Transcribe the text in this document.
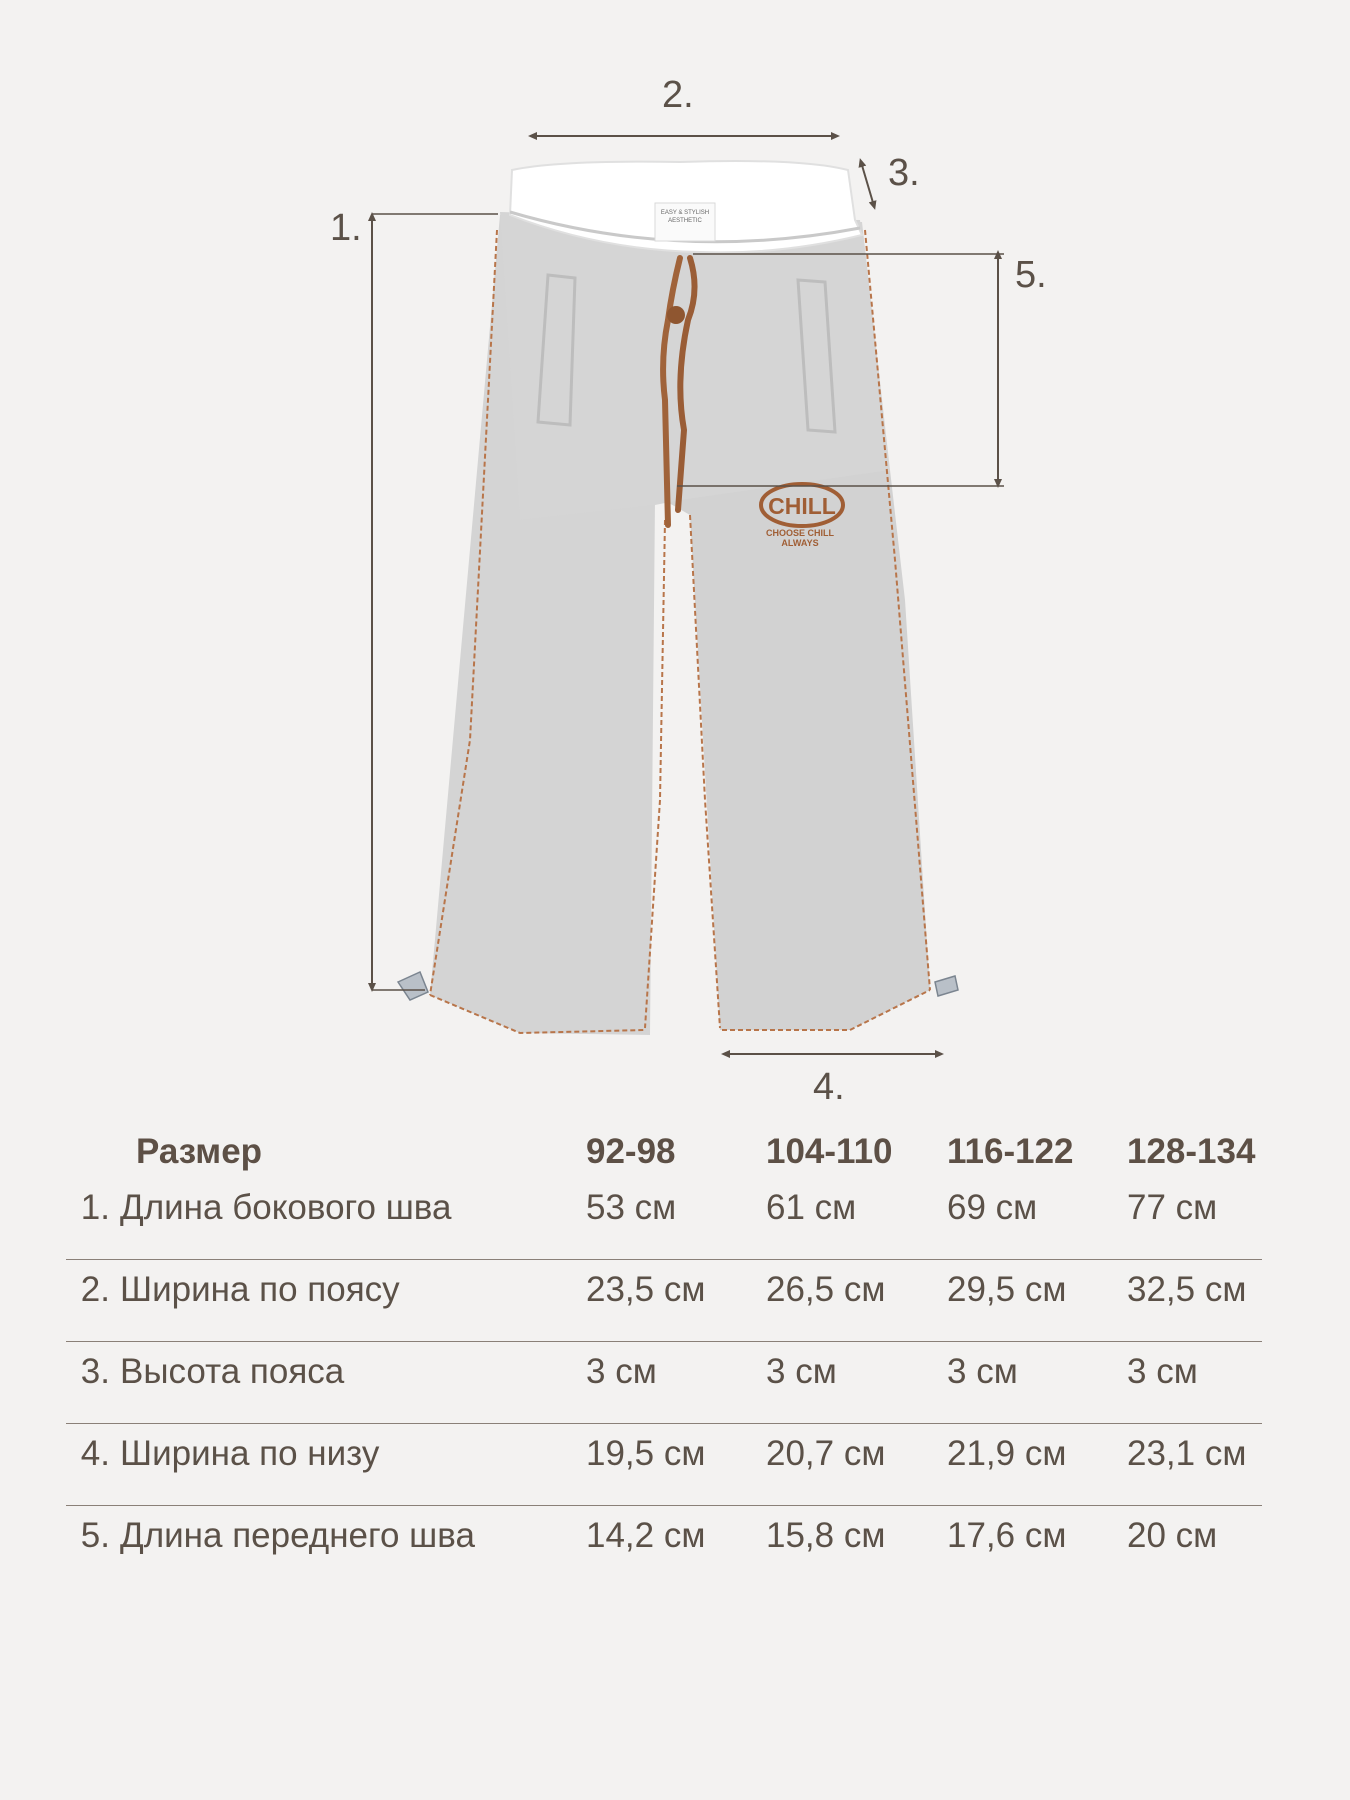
EASY & STYLISH
AESTHETIC
CHILL
CHOOSE CHILL
ALWAYS
1.
2.
3.
4.
5.
Размер	92-98	104-110 116-122 128-134
1. Длина бокового шва	53 см	61 см	69 см	77 см
2. Ширина по поясу	23,5 см 26,5 см 29,5 см 32,5 см
3. Высота пояса	3 см	3 см	3 см	3 см
4. Ширина по низу	19,5 см 20,7 см 21,9 см 23,1 см
5. Длина переднего шва	14,2 см 15,8 см 17,6 см 20 см
